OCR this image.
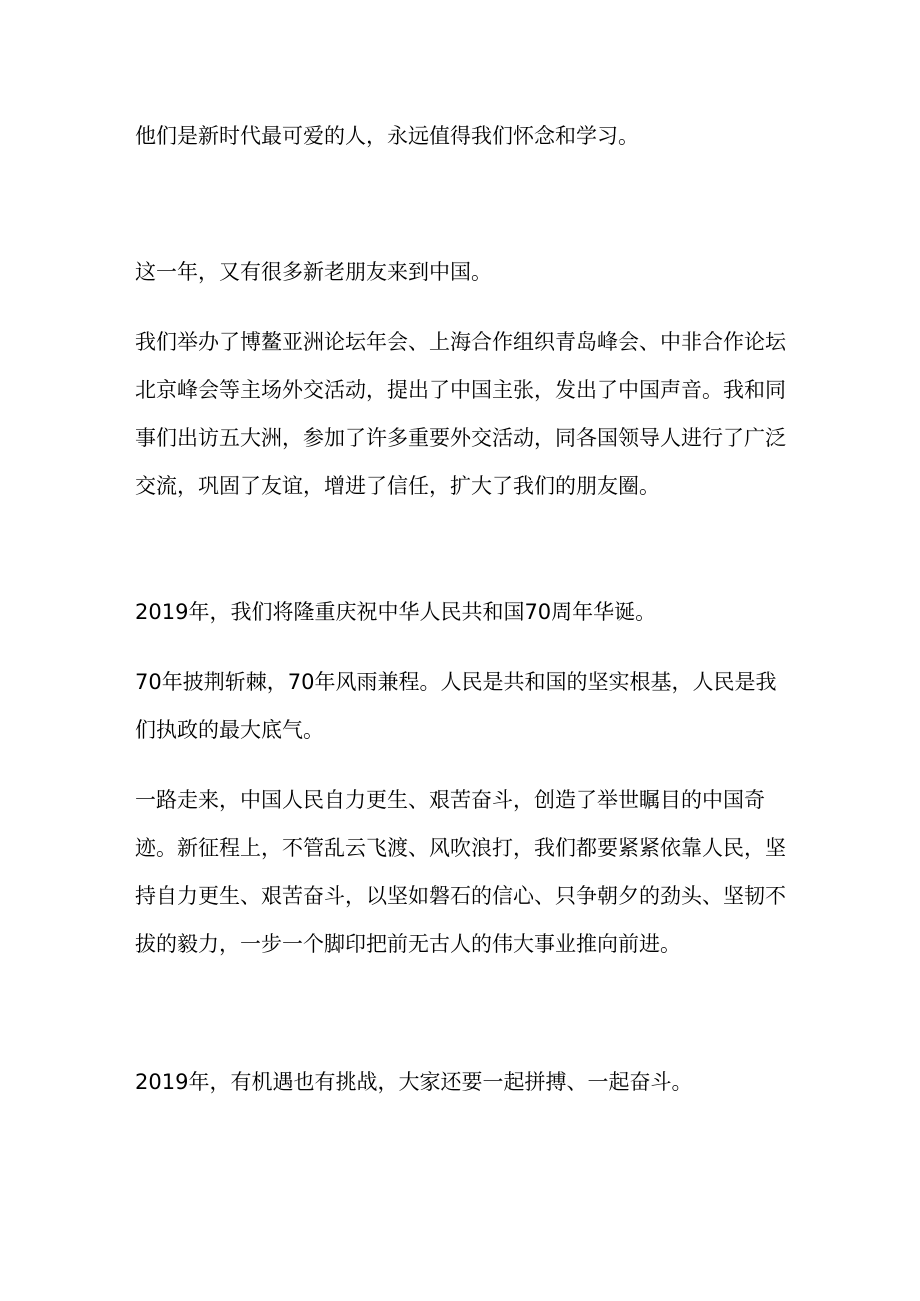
他们是新时代最可爱的人，永远值得我们怀念和学习。

这一年，又有很多新老朋友来到中国。

我们举办了博鳌亚洲论坛年会、上海合作组织青岛峰会、中非合作论坛北京峰会等主场外交活动，提出了中国主张，发出了中国声音。我和同事们出访五大洲，参加了许多重要外交活动，同各国领导人进行了广泛交流，巩固了友谊，增进了信任，扩大了我们的朋友圈。

2019年，我们将隆重庆祝中华人民共和国70周年华诞。

70年披荆斩棘，70年风雨兼程。人民是共和国的坚实根基，人民是我们执政的最大底气。

一路走来，中国人民自力更生、艰苦奋斗，创造了举世瞩目的中国奇迹。新征程上，不管乱云飞渡、风吹浪打，我们都要紧紧依靠人民，坚持自力更生、艰苦奋斗，以坚如磐石的信心、只争朝夕的劲头、坚韧不拔的毅力，一步一个脚印把前无古人的伟大事业推向前进。

2019年，有机遇也有挑战，大家还要一起拼搏、一起奋斗。
